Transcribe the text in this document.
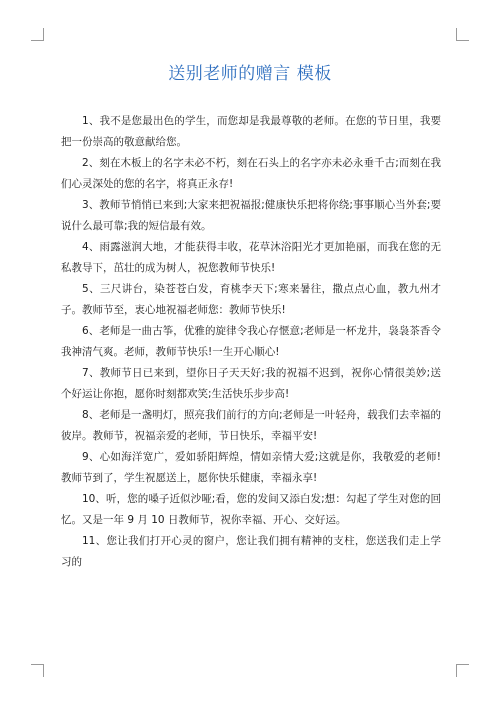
送别老师的赠言 模板

1、我不是您最出色的学生，而您却是我最尊敬的老师。在您的节日里，我要把一份崇高的敬意献给您。

2、刻在木板上的名字未必不朽，刻在石头上的名字亦未必永垂千古;而刻在我们心灵深处的您的名字，将真正永存!

3、教师节悄悄已来到;大家来把祝福报;健康快乐把将你绕;事事顺心当外套;要说什么最可靠;我的短信最有效。

4、雨露滋润大地，才能获得丰收，花草沐浴阳光才更加艳丽，而我在您的无私教导下，茁壮的成为树人，祝您教师节快乐!

5、三尺讲台，染苍苍白发，育桃李天下;寒来暑往，撒点点心血，教九州才子。教师节至，衷心地祝福老师您：教师节快乐!

6、老师是一曲古筝，优雅的旋律令我心存惬意;老师是一杯龙井，袅袅茶香令我神清气爽。老师，教师节快乐!一生开心顺心!

7、教师节日已来到，望你日子天天好;我的祝福不迟到，祝你心情很美妙;送个好运让你抱，愿你时刻都欢笑;生活快乐步步高!

8、老师是一盏明灯，照亮我们前行的方向;老师是一叶轻舟，载我们去幸福的彼岸。教师节，祝福亲爱的老师，节日快乐，幸福平安!

9、心如海洋宽广，爱如骄阳辉煌，情如亲情大爱;这就是你，我敬爱的老师!教师节到了，学生祝愿送上，愿你快乐健康，幸福永享!

10、听，您的嗓子近似沙哑;看，您的发间又添白发;想：勾起了学生对您的回忆。又是一年 9 月 10 日教师节，祝你幸福、开心、交好运。

11、您让我们打开心灵的窗户，您让我们拥有精神的支柱，您送我们走上学习的
